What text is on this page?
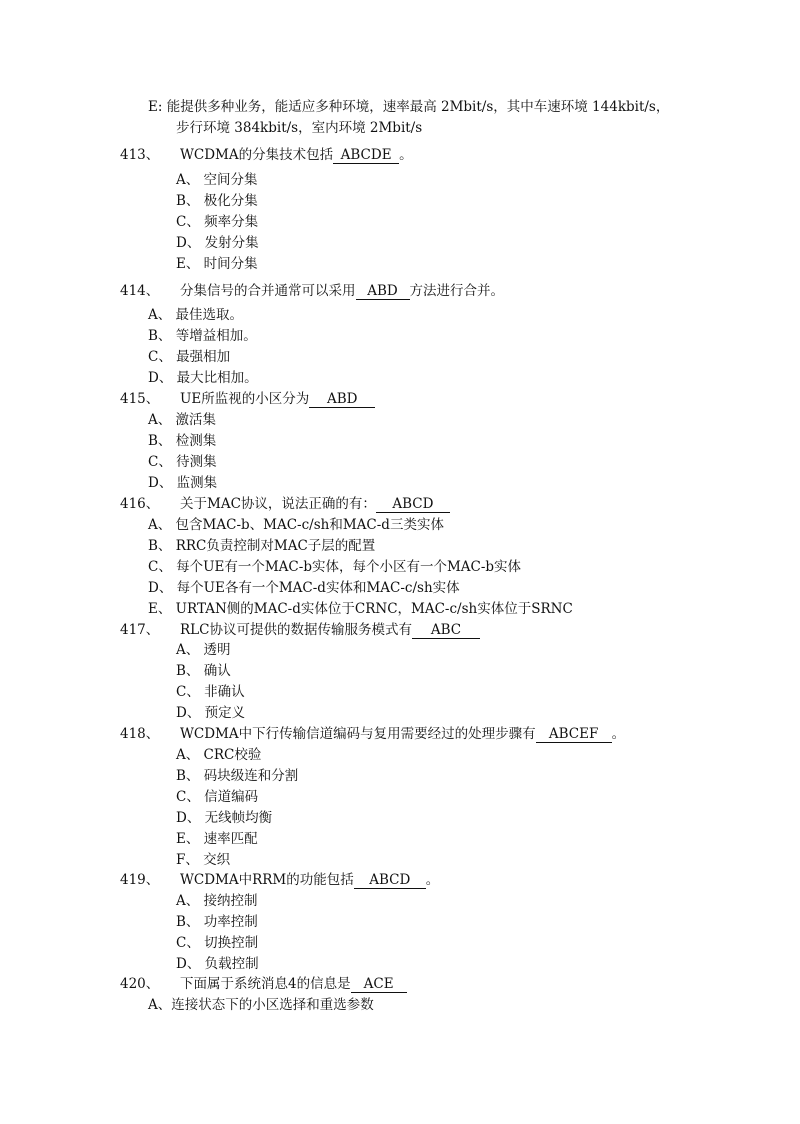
E: 能提供多种业务，能适应多种环境，速率最高 2Mbit/s，其中车速环境 144kbit/s，
步行环境 384kbit/s，室内环境 2Mbit/s
413、 WCDMA的分集技术包括 ABCDE 。
A、 空间分集
B、 极化分集
C、 频率分集
D、 发射分集
E、 时间分集
414、 分集信号的合并通常可以采用 ABD 方法进行合并。
A、 最佳选取。
B、 等增益相加。
C、 最强相加
D、 最大比相加。
415、 UE所监视的小区分为 ABD
A、 激活集
B、 检测集
C、 待测集
D、 监测集
416、 关于MAC协议，说法正确的有： ABCD
A、 包含MAC-b、MAC-c/sh和MAC-d三类实体
B、 RRC负责控制对MAC子层的配置
C、 每个UE有一个MAC-b实体，每个小区有一个MAC-b实体
D、 每个UE各有一个MAC-d实体和MAC-c/sh实体
E、 URTAN侧的MAC-d实体位于CRNC，MAC-c/sh实体位于SRNC
417、 RLC协议可提供的数据传输服务模式有 ABC
A、 透明
B、 确认
C、 非确认
D、 预定义
418、 WCDMA中下行传输信道编码与复用需要经过的处理步骤有 ABCEF 。
A、 CRC校验
B、 码块级连和分割
C、 信道编码
D、 无线帧均衡
E、 速率匹配
F、 交织
419、 WCDMA中RRM的功能包括 ABCD 。
A、 接纳控制
B、 功率控制
C、 切换控制
D、 负载控制
420、 下面属于系统消息4的信息是 ACE
A、连接状态下的小区选择和重选参数
